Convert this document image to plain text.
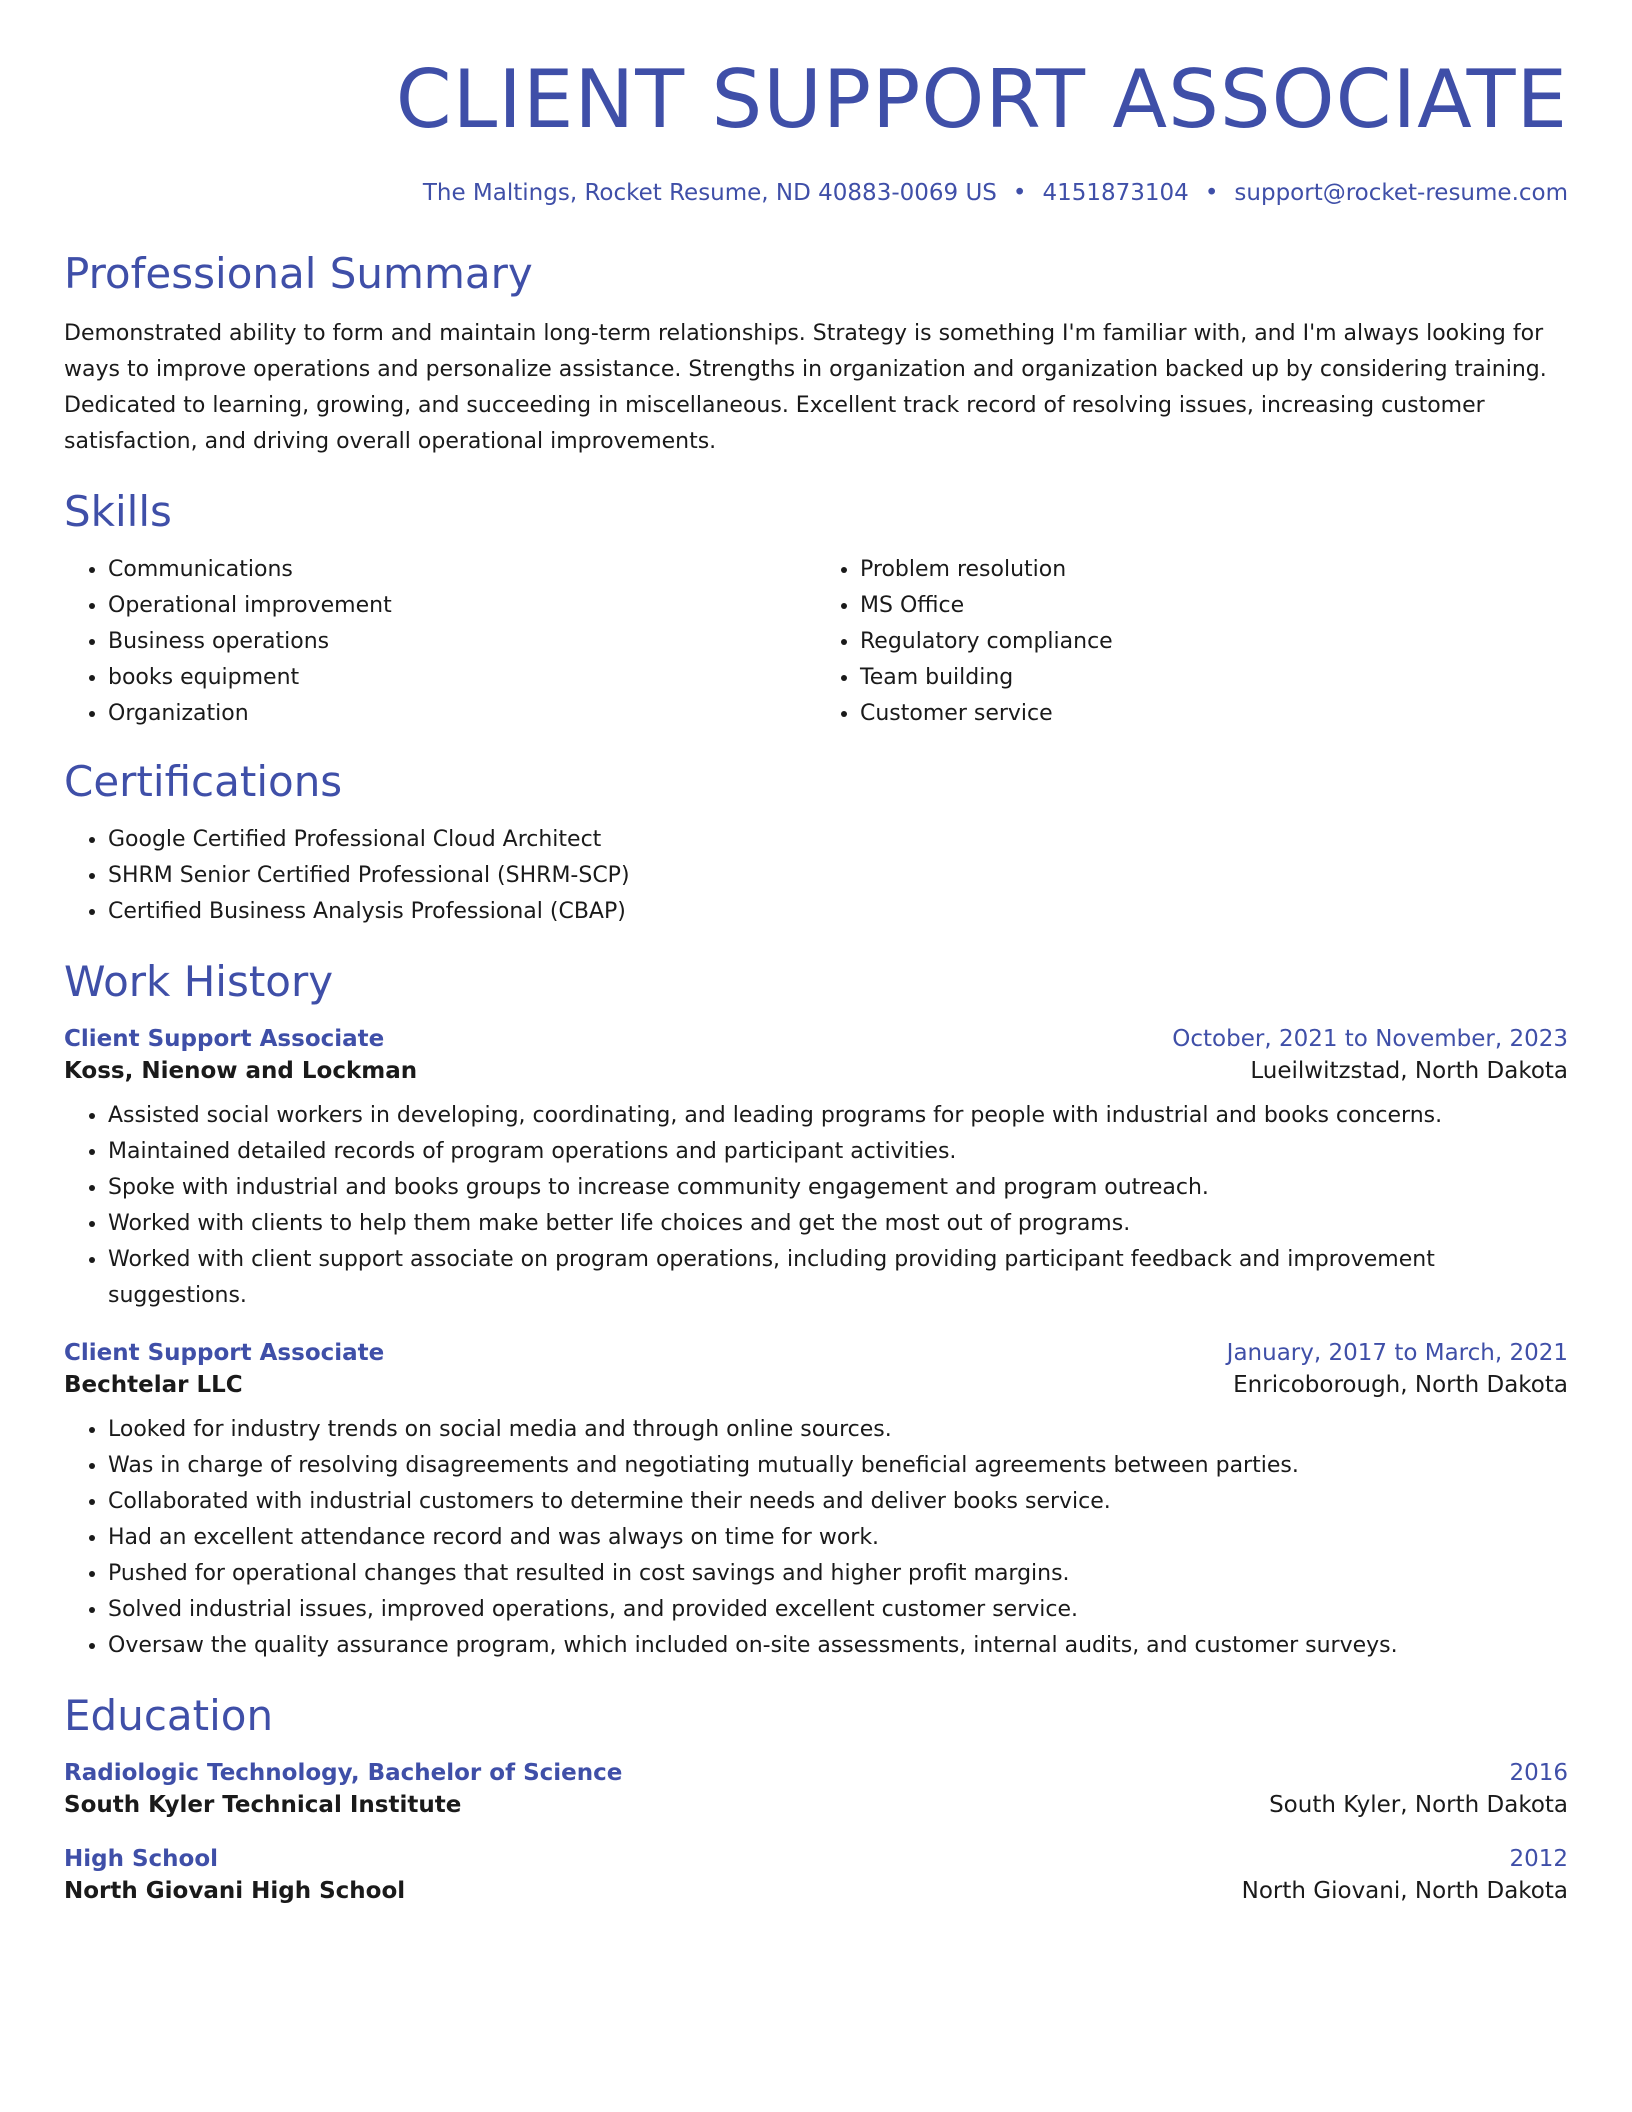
CLIENT SUPPORT ASSOCIATE
The Maltings, Rocket Resume, ND 40883-0069 US • 4151873104 • support@rocket-resume.com
Professional Summary
Demonstrated ability to form and maintain long-term relationships. Strategy is something I'm familiar with, and I'm always looking for ways to improve operations and personalize assistance. Strengths in organization and organization backed up by considering training. Dedicated to learning, growing, and succeeding in miscellaneous. Excellent track record of resolving issues, increasing customer satisfaction, and driving overall operational improvements.
Skills
• Communications
• Operational improvement
• Business operations
• books equipment
• Organization
• Problem resolution
• MS Office
• Regulatory compliance
• Team building
• Customer service
Certifications
• Google Certified Professional Cloud Architect
• SHRM Senior Certified Professional (SHRM-SCP)
• Certified Business Analysis Professional (CBAP)
Work History
Client Support Associate	October, 2021 to November, 2023
Koss, Nienow and Lockman	Lueilwitzstad, North Dakota
• Assisted social workers in developing, coordinating, and leading programs for people with industrial and books concerns.
• Maintained detailed records of program operations and participant activities.
• Spoke with industrial and books groups to increase community engagement and program outreach.
• Worked with clients to help them make better life choices and get the most out of programs.
• Worked with client support associate on program operations, including providing participant feedback and improvement suggestions.
Client Support Associate	January, 2017 to March, 2021
Bechtelar LLC	Enricoborough, North Dakota
• Looked for industry trends on social media and through online sources.
• Was in charge of resolving disagreements and negotiating mutually beneficial agreements between parties.
• Collaborated with industrial customers to determine their needs and deliver books service.
• Had an excellent attendance record and was always on time for work.
• Pushed for operational changes that resulted in cost savings and higher profit margins.
• Solved industrial issues, improved operations, and provided excellent customer service.
• Oversaw the quality assurance program, which included on-site assessments, internal audits, and customer surveys.
Education
Radiologic Technology, Bachelor of Science	2016
South Kyler Technical Institute	South Kyler, North Dakota
High School	2012
North Giovani High School	North Giovani, North Dakota
